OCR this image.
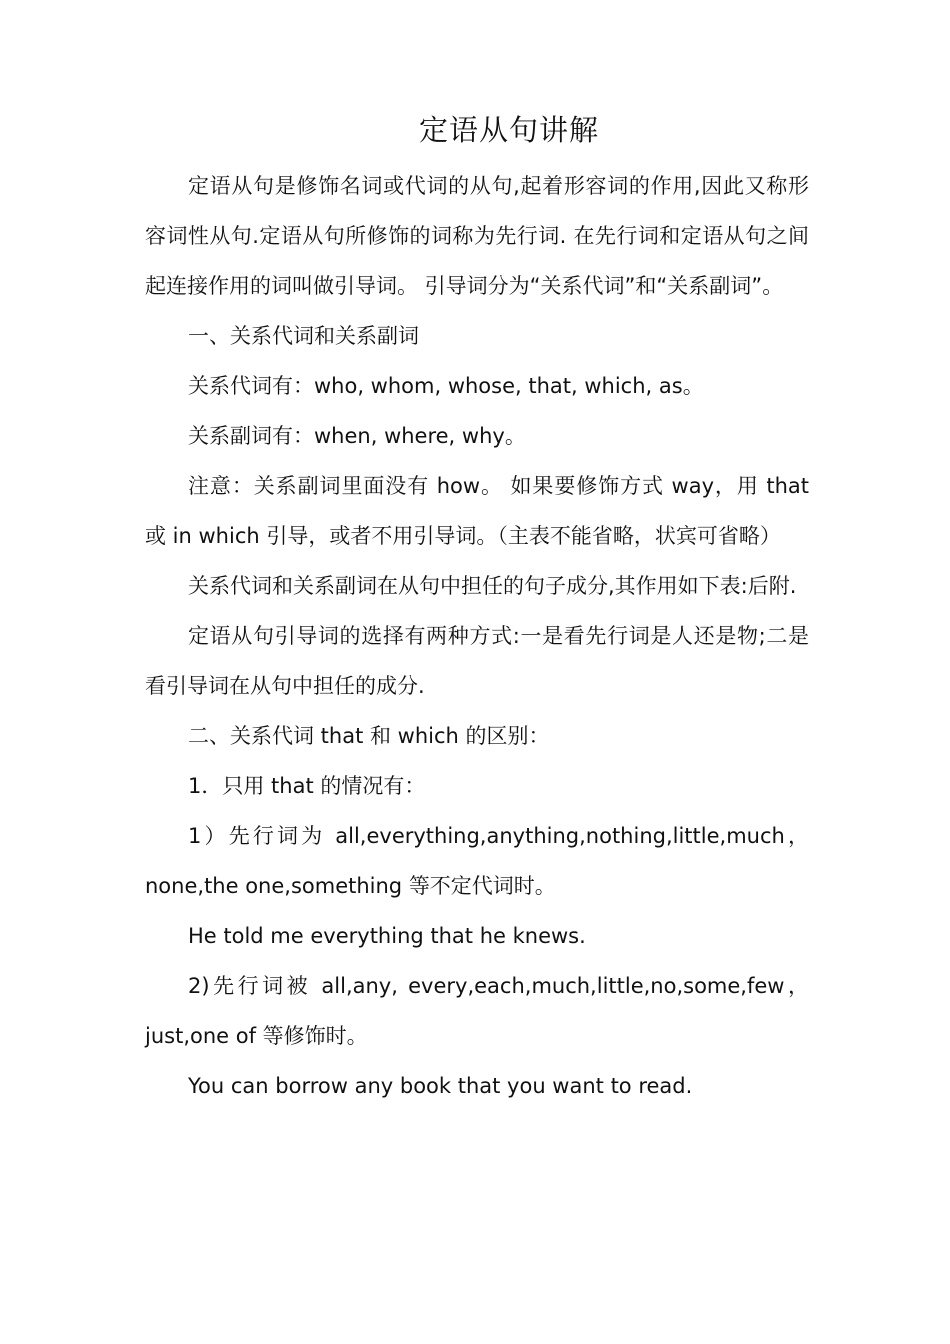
定语从句讲解

定语从句是修饰名词或代词的从句,起着形容词的作用,因此又称形容词性从句.定语从句所修饰的词称为先行词. 在先行词和定语从句之间起连接作用的词叫做引导词。 引导词分为“关系代词”和“关系副词”。

一、关系代词和关系副词

关系代词有：who, whom, whose, that, which, as。

关系副词有：when, where, why。

注意：关系副词里面没有 how。 如果要修饰方式 way，用 that 或 in which 引导，或者不用引导词。（主表不能省略，状宾可省略）

关系代词和关系副词在从句中担任的句子成分,其作用如下表:后附.

定语从句引导词的选择有两种方式:一是看先行词是人还是物;二是看引导词在从句中担任的成分.

二、关系代词 that 和 which 的区别：

1．只用 that 的情况有：

1）先行词为 all,everything,anything,nothing,little,much，none,the one,something 等不定代词时。

He told me everything that he knews.

2)先行词被 all,any, every,each,much,little,no,some,few，just,one of 等修饰时。

You can borrow any book that you want to read.
